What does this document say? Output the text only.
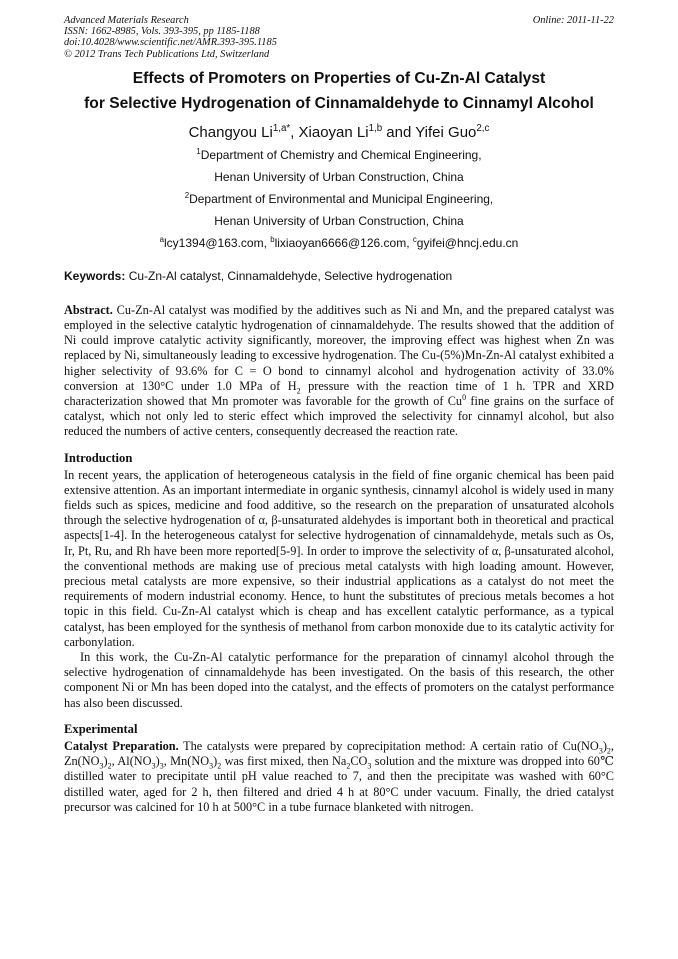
Advanced Materials Research
ISSN: 1662-8985, Vols. 393-395, pp 1185-1188
doi:10.4028/www.scientific.net/AMR.393-395.1185
© 2012 Trans Tech Publications Ltd, Switzerland
Online: 2011-11-22
Effects of Promoters on Properties of Cu-Zn-Al Catalyst
for Selective Hydrogenation of Cinnamaldehyde to Cinnamyl Alcohol
Changyou $Li^{1,a*}$, Xiaoyan Li$^{1,b}$ and Yifei Guo$^{2,c}$
$^1$Department of Chemistry and Chemical Engineering,
Henan University of Urban Construction, China
$^2$Department of Environmental and Municipal Engineering,
Henan University of Urban Construction, China
$^a$lcy1394@163.com, $^b$lixiaoyan6666@126.com, $^c$gyifei@hncj.edu.cn
Keywords: Cu-Zn-Al catalyst, Cinnamaldehyde, Selective hydrogenation
Abstract. Cu-Zn-Al catalyst was modified by the additives such as Ni and Mn, and the prepared catalyst was employed in the selective catalytic hydrogenation of cinnamaldehyde. The results showed that the addition of Ni could improve catalytic activity significantly, moreover, the improving effect was highest when Zn was replaced by Ni, simultaneously leading to excessive hydrogenation. The Cu-(5%)Mn-Zn-Al catalyst exhibited a higher selectivity of 93.6% for C = O bond to cinnamyl alcohol and hydrogenation activity of 33.0% conversion at 130°C under 1.0 MPa of $H_2$ pressure with the reaction time of 1 h. TPR and XRD characterization showed that Mn promoter was favorable for the growth of Cu$^0$ fine grains on the surface of catalyst, which not only led to steric effect which improved the selectivity for cinnamyl alcohol, but also reduced the numbers of active centers, consequently decreased the reaction rate.
Introduction
In recent years, the application of heterogeneous catalysis in the field of fine organic chemical has been paid extensive attention. As an important intermediate in organic synthesis, cinnamyl alcohol is widely used in many fields such as spices, medicine and food additive, so the research on the preparation of unsaturated alcohols through the selective hydrogenation of α, β-unsaturated aldehydes is important both in theoretical and practical aspects[1-4]. In the heterogeneous catalyst for selective hydrogenation of cinnamaldehyde, metals such as Os, Ir, Pt, Ru, and Rh have been more reported[5-9]. In order to improve the selectivity of α, β-unsaturated alcohol, the conventional methods are making use of precious metal catalysts with high loading amount. However, precious metal catalysts are more expensive, so their industrial applications as a catalyst do not meet the requirements of modern industrial economy. Hence, to hunt the substitutes of precious metals becomes a hot topic in this field. Cu-Zn-Al catalyst which is cheap and has excellent catalytic performance, as a typical catalyst, has been employed for the synthesis of methanol from carbon monoxide due to its catalytic activity for carbonylation.
In this work, the Cu-Zn-Al catalytic performance for the preparation of cinnamyl alcohol through the selective hydrogenation of cinnamaldehyde has been investigated. On the basis of this research, the other component Ni or Mn has been doped into the catalyst, and the effects of promoters on the catalyst performance has also been discussed.
Experimental
Catalyst Preparation. The catalysts were prepared by coprecipitation method: A certain ratio of $Cu(NO_3)_2$, $Zn(NO_3)_2$, $Al(NO_3)_3$, $Mn(NO_3)_2$ was first mixed, then $Na_2CO_3$ solution and the mixture was dropped into 60℃ distilled water to precipitate until pH value reached to 7, and then the precipitate was washed with 60°C distilled water, aged for 2 h, then filtered and dried 4 h at 80°C under vacuum. Finally, the dried catalyst precursor was calcined for 10 h at 500°C in a tube furnace blanketed with nitrogen.
